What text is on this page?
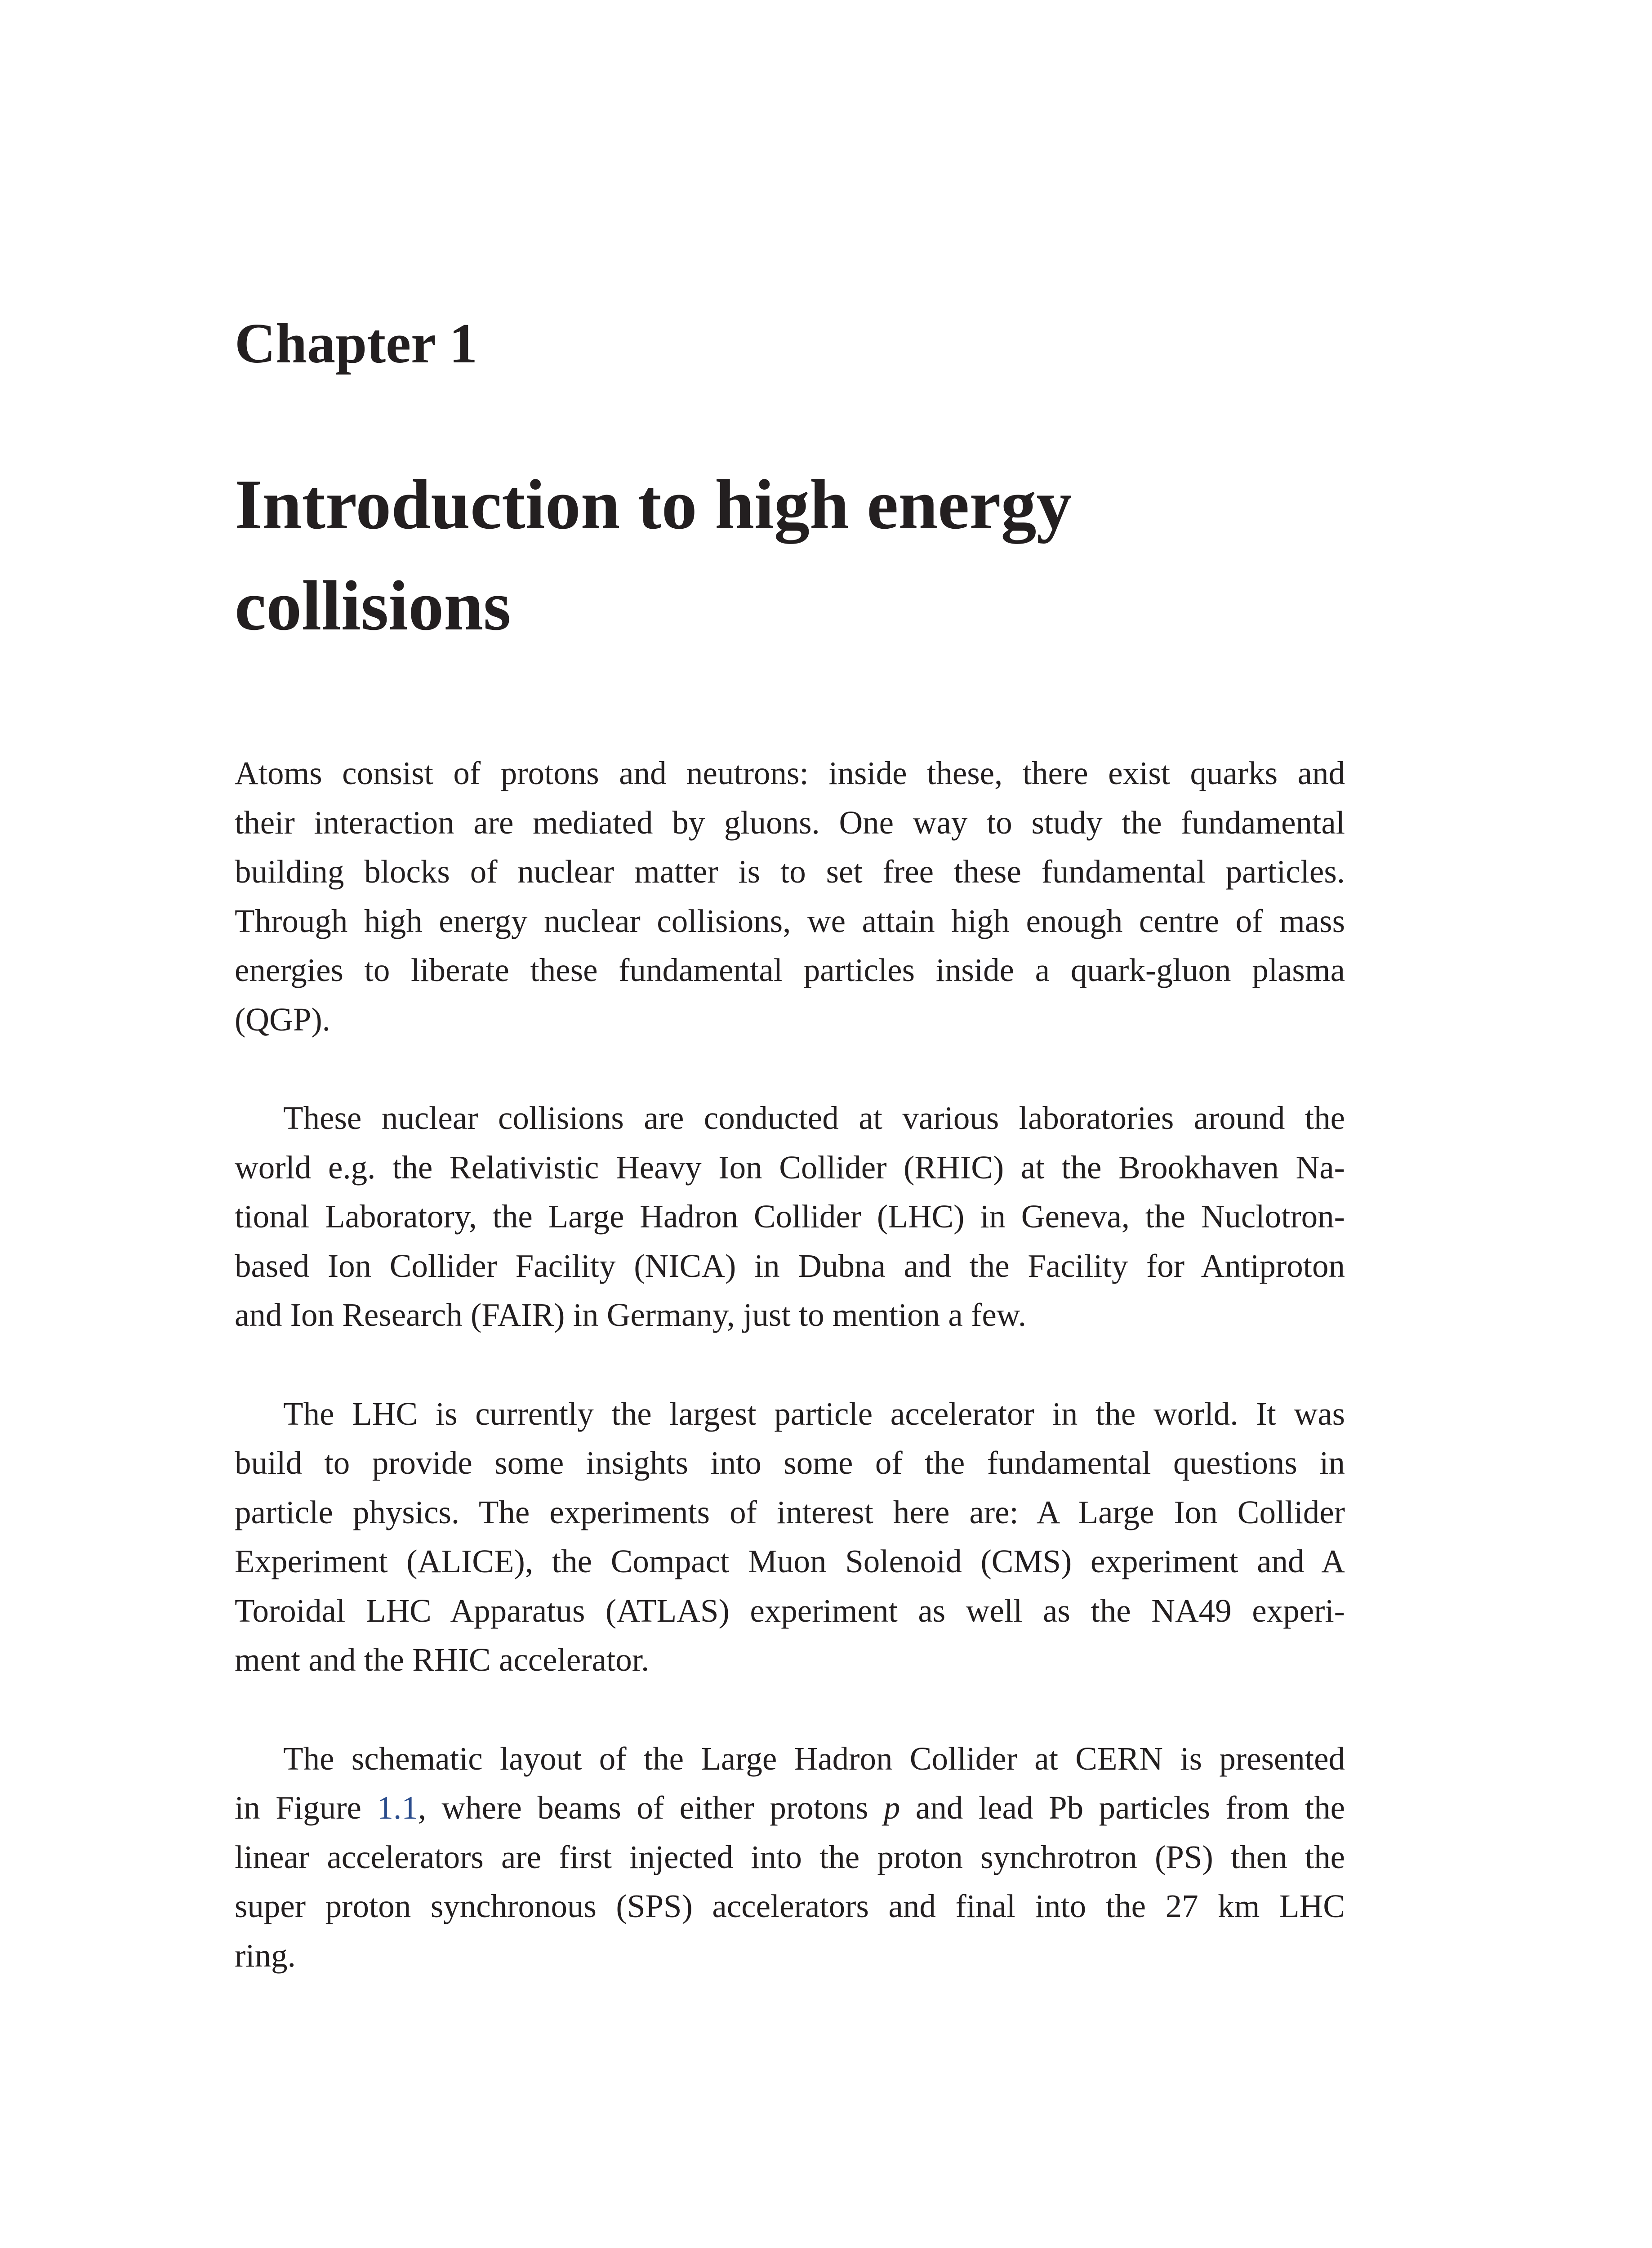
Chapter 1
Introduction to high energy
collisions

Atoms consist of protons and neutrons: inside these, there exist quarks and
their interaction are mediated by gluons. One way to study the fundamental
building blocks of nuclear matter is to set free these fundamental particles.
Through high energy nuclear collisions, we attain high enough centre of mass
energies to liberate these fundamental particles inside a quark-gluon plasma
(QGP).

These nuclear collisions are conducted at various laboratories around the
world e.g. the Relativistic Heavy Ion Collider (RHIC) at the Brookhaven Na-
tional Laboratory, the Large Hadron Collider (LHC) in Geneva, the Nuclotron-
based Ion Collider Facility (NICA) in Dubna and the Facility for Antiproton
and Ion Research (FAIR) in Germany, just to mention a few.

The LHC is currently the largest particle accelerator in the world. It was
build to provide some insights into some of the fundamental questions in
particle physics. The experiments of interest here are: A Large Ion Collider
Experiment (ALICE), the Compact Muon Solenoid (CMS) experiment and A
Toroidal LHC Apparatus (ATLAS) experiment as well as the NA49 experi-
ment and the RHIC accelerator.

The schematic layout of the Large Hadron Collider at CERN is presented
in Figure 1.1, where beams of either protons p and lead Pb particles from the
linear accelerators are first injected into the proton synchrotron (PS) then the
super proton synchronous (SPS) accelerators and final into the 27 km LHC
ring.
